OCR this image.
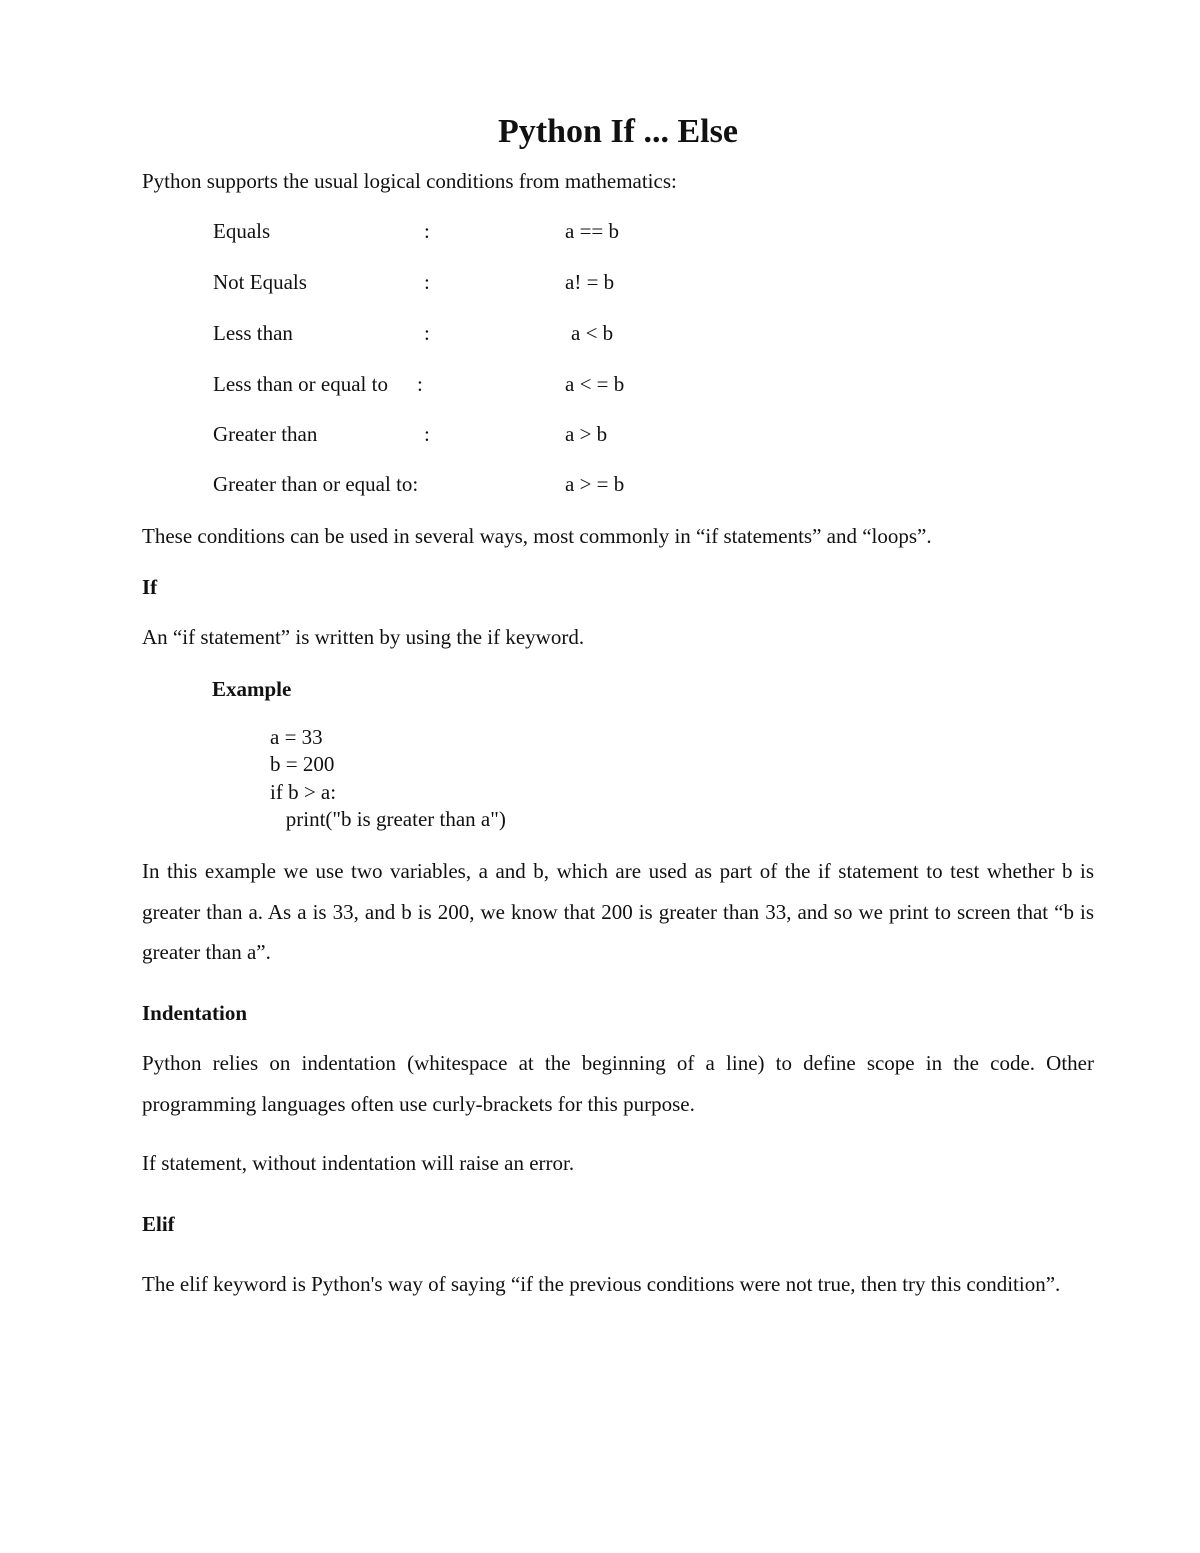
Python If ... Else
Python supports the usual logical conditions from mathematics:
Equals	:	a == b
Not Equals	:	a! = b
Less than	:	a < b
Less than or equal to :	a < = b
Greater than	:	a > b
Greater than or equal to:	a > = b
These conditions can be used in several ways, most commonly in “if statements” and “loops”.
If
An “if statement” is written by using the if keyword.
Example
a = 33
b = 200
if b > a:
print("b is greater than a")
In this example we use two variables, a and b, which are used as part of the if statement to test whether b is greater than a. As a is 33, and b is 200, we know that 200 is greater than 33, and so we print to screen that “b is greater than a”.
Indentation
Python relies on indentation (whitespace at the beginning of a line) to define scope in the code. Other programming languages often use curly-brackets for this purpose.
If statement, without indentation will raise an error.
Elif
The elif keyword is Python's way of saying “if the previous conditions were not true, then try this condition”.
